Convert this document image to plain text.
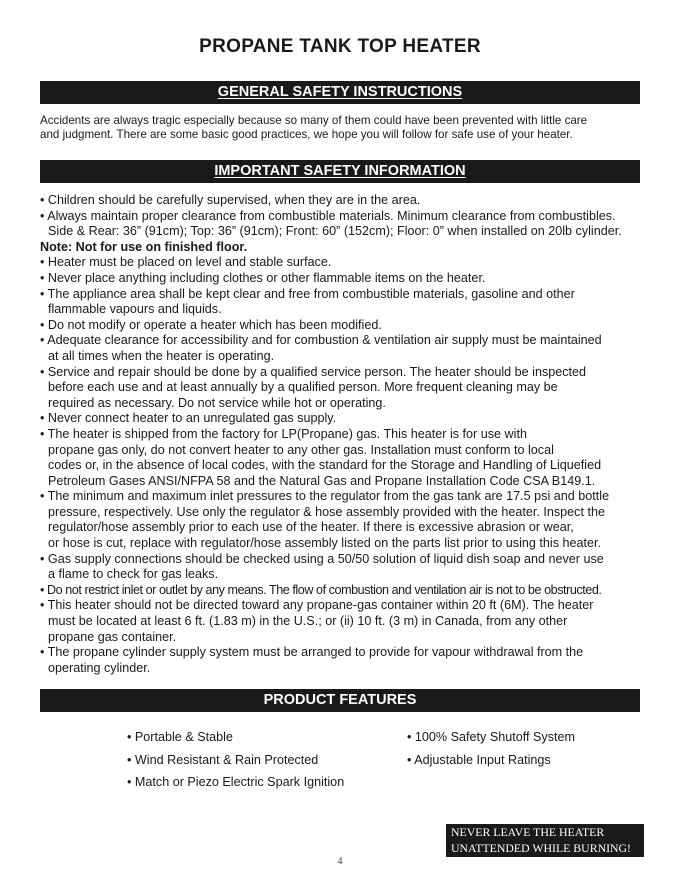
PROPANE TANK TOP HEATER
GENERAL SAFETY INSTRUCTIONS
Accidents are always tragic especially because so many of them could have been prevented with little care
and judgment. There are some basic good practices, we hope you will follow for safe use of your heater.
IMPORTANT SAFETY INFORMATION
• Children should be carefully supervised, when they are in the area.
• Always maintain proper clearance from combustible materials. Minimum clearance from combustibles.
Side & Rear: 36” (91cm); Top: 36” (91cm); Front: 60” (152cm); Floor: 0” when installed on 20lb cylinder.
Note: Not for use on finished floor.
• Heater must be placed on level and stable surface.
• Never place anything including clothes or other flammable items on the heater.
• The appliance area shall be kept clear and free from combustible materials, gasoline and other
flammable vapours and liquids.
• Do not modify or operate a heater which has been modified.
• Adequate clearance for accessibility and for combustion & ventilation air supply must be maintained
at all times when the heater is operating.
• Service and repair should be done by a qualified service person. The heater should be inspected
before each use and at least annually by a qualified person. More frequent cleaning may be
required as necessary. Do not service while hot or operating.
• Never connect heater to an unregulated gas supply.
• The heater is shipped from the factory for LP(Propane) gas. This heater is for use with
propane gas only, do not convert heater to any other gas. Installation must conform to local
codes or, in the absence of local codes, with the standard for the Storage and Handling of Liquefied
Petroleum Gases ANSI/NFPA 58 and the Natural Gas and Propane Installation Code CSA B149.1.
• The minimum and maximum inlet pressures to the regulator from the gas tank are 17.5 psi and bottle
pressure, respectively. Use only the regulator & hose assembly provided with the heater. Inspect the
regulator/hose assembly prior to each use of the heater. If there is excessive abrasion or wear,
or hose is cut, replace with regulator/hose assembly listed on the parts list prior to using this heater.
• Gas supply connections should be checked using a 50/50 solution of liquid dish soap and never use
a flame to check for gas leaks.
• Do not restrict inlet or outlet by any means. The flow of combustion and ventilation air is not to be obstructed.
• This heater should not be directed toward any propane-gas container within 20 ft (6M). The heater
must be located at least 6 ft. (1.83 m) in the U.S.; or (ii) 10 ft. (3 m) in Canada, from any other
propane gas container.
• The propane cylinder supply system must be arranged to provide for vapour withdrawal from the
operating cylinder.
PRODUCT FEATURES
• Portable & Stable
• Wind Resistant & Rain Protected
• Match or Piezo Electric Spark Ignition
• 100% Safety Shutoff System
• Adjustable Input Ratings
NEVER LEAVE THE HEATER
UNATTENDED WHILE BURNING!
4
